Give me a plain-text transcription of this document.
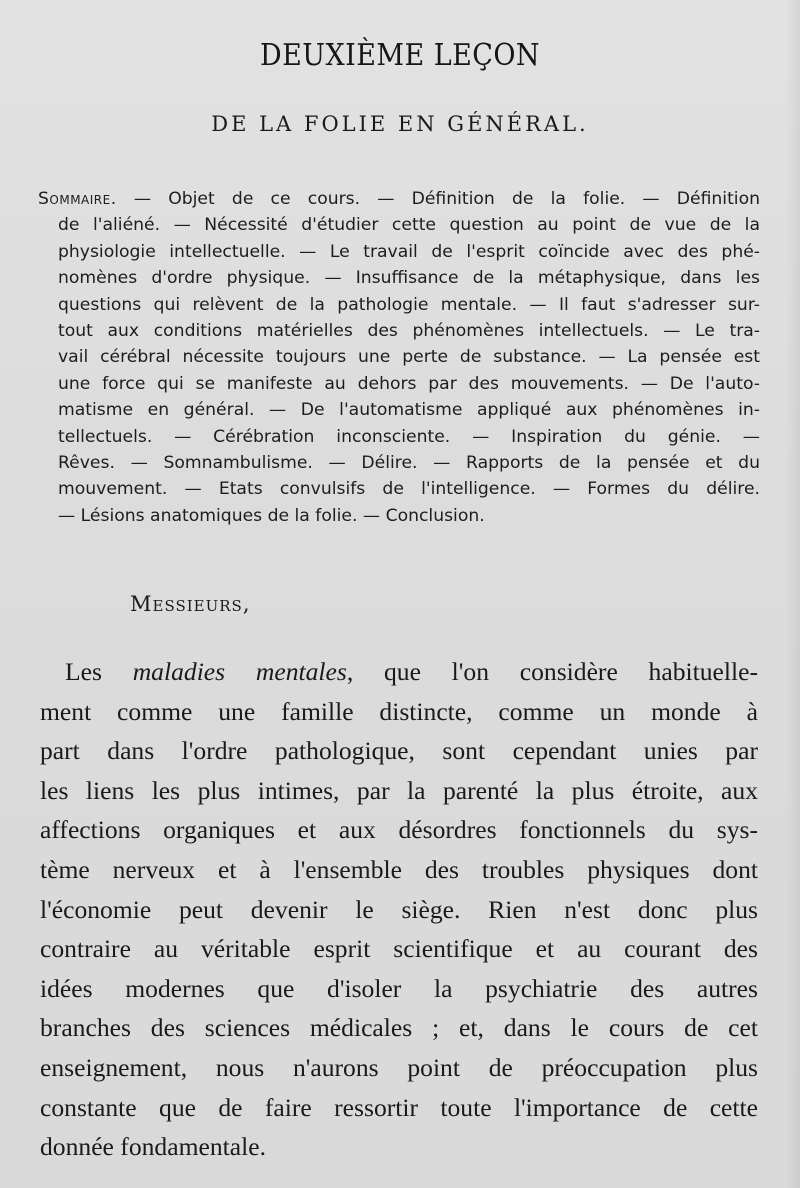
DEUXIÈME LEÇON
DE LA FOLIE EN GÉNÉRAL.
Sommaire. — Objet de ce cours. — Définition de la folie. — Définition
de l'aliéné. — Nécessité d'étudier cette question au point de vue de la
physiologie intellectuelle. — Le travail de l'esprit coïncide avec des phé-
nomènes d'ordre physique. — Insuffisance de la métaphysique, dans les
questions qui relèvent de la pathologie mentale. — Il faut s'adresser sur-
tout aux conditions matérielles des phénomènes intellectuels. — Le tra-
vail cérébral nécessite toujours une perte de substance. — La pensée est
une force qui se manifeste au dehors par des mouvements. — De l'auto-
matisme en général. — De l'automatisme appliqué aux phénomènes in-
tellectuels. — Cérébration inconsciente. — Inspiration du génie. —
Rêves. — Somnambulisme. — Délire. — Rapports de la pensée et du
mouvement. — Etats convulsifs de l'intelligence. — Formes du délire.
— Lésions anatomiques de la folie. — Conclusion.
Messieurs,
Les maladies mentales, que l'on considère habituelle-
ment comme une famille distincte, comme un monde à
part dans l'ordre pathologique, sont cependant unies par
les liens les plus intimes, par la parenté la plus étroite, aux
affections organiques et aux désordres fonctionnels du sys-
tème nerveux et à l'ensemble des troubles physiques dont
l'économie peut devenir le siège. Rien n'est donc plus
contraire au véritable esprit scientifique et au courant des
idées modernes que d'isoler la psychiatrie des autres
branches des sciences médicales ; et, dans le cours de cet
enseignement, nous n'aurons point de préoccupation plus
constante que de faire ressortir toute l'importance de cette
donnée fondamentale.
